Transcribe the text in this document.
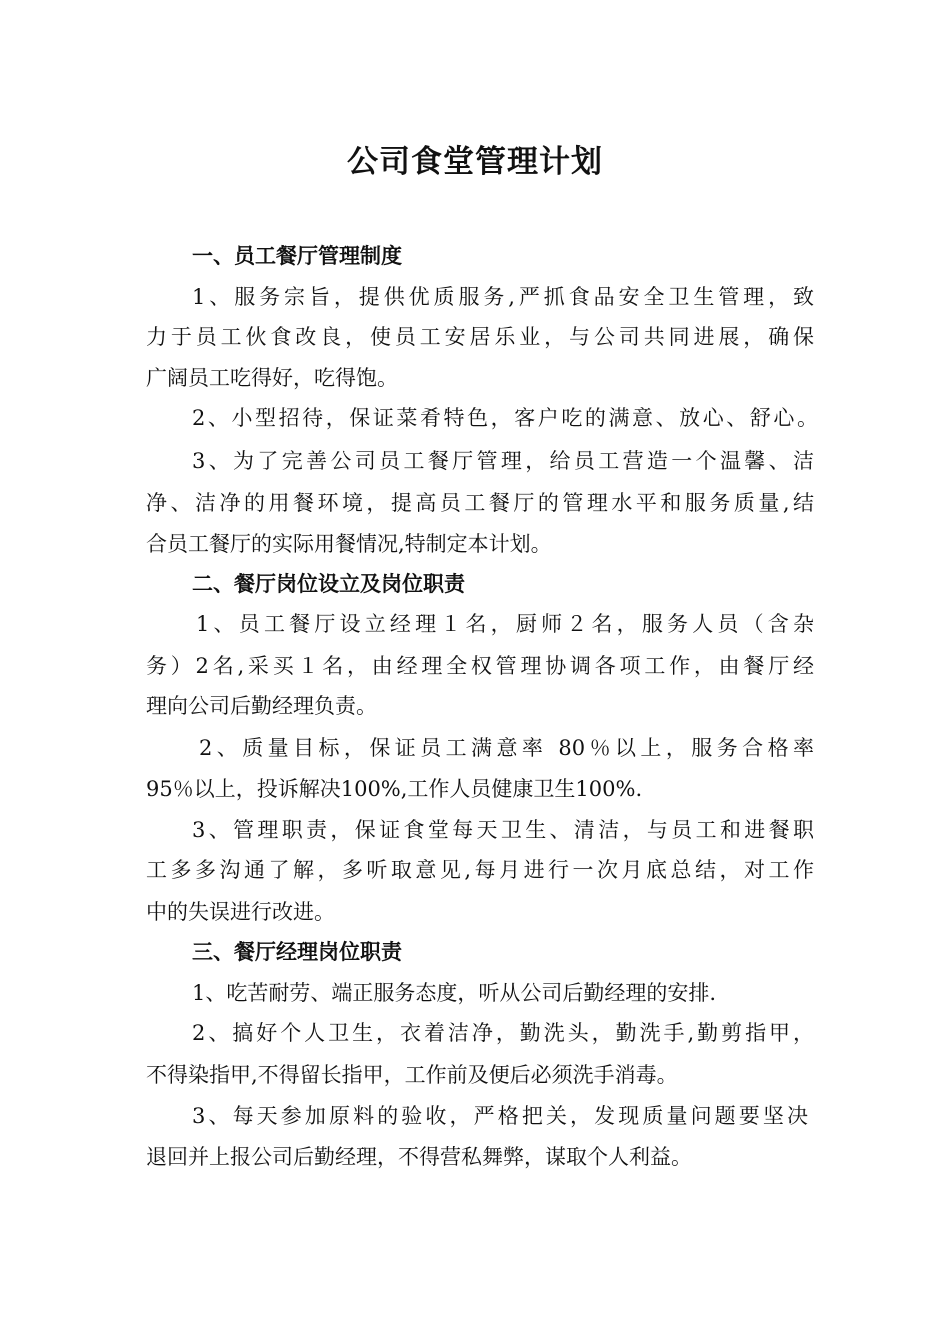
公司食堂管理计划
一、员工餐厅管理制度
1、服务宗旨，提供优质服务,严抓食品安全卫生管理，致
力于员工伙食改良，使员工安居乐业，与公司共同进展，确保
广阔员工吃得好，吃得饱。
2、小型招待，保证菜肴特色，客户吃的满意、放心、舒心。
3、为了完善公司员工餐厅管理，给员工营造一个温馨、洁
净、洁净的用餐环境，提高员工餐厅的管理水平和服务质量,结
合员工餐厅的实际用餐情况,特制定本计划。
二、餐厅岗位设立及岗位职责
1、员工餐厅设立经理１名，厨师２名，服务人员（含杂
务）2名,采买１名，由经理全权管理协调各项工作，由餐厅经
理向公司后勤经理负责。
2、质量目标，保证员工满意率 80％以上，服务合格率
95％以上，投诉解决100%,工作人员健康卫生100%.
3、管理职责，保证食堂每天卫生、清洁，与员工和进餐职
工多多沟通了解，多听取意见,每月进行一次月底总结，对工作
中的失误进行改进。
三、餐厅经理岗位职责
1、吃苦耐劳、端正服务态度，听从公司后勤经理的安排.
2、搞好个人卫生，衣着洁净，勤洗头，勤洗手,勤剪指甲，
不得染指甲,不得留长指甲，工作前及便后必须洗手消毒。
3、每天参加原料的验收，严格把关，发现质量问题要坚决
退回并上报公司后勤经理，不得营私舞弊，谋取个人利益。
